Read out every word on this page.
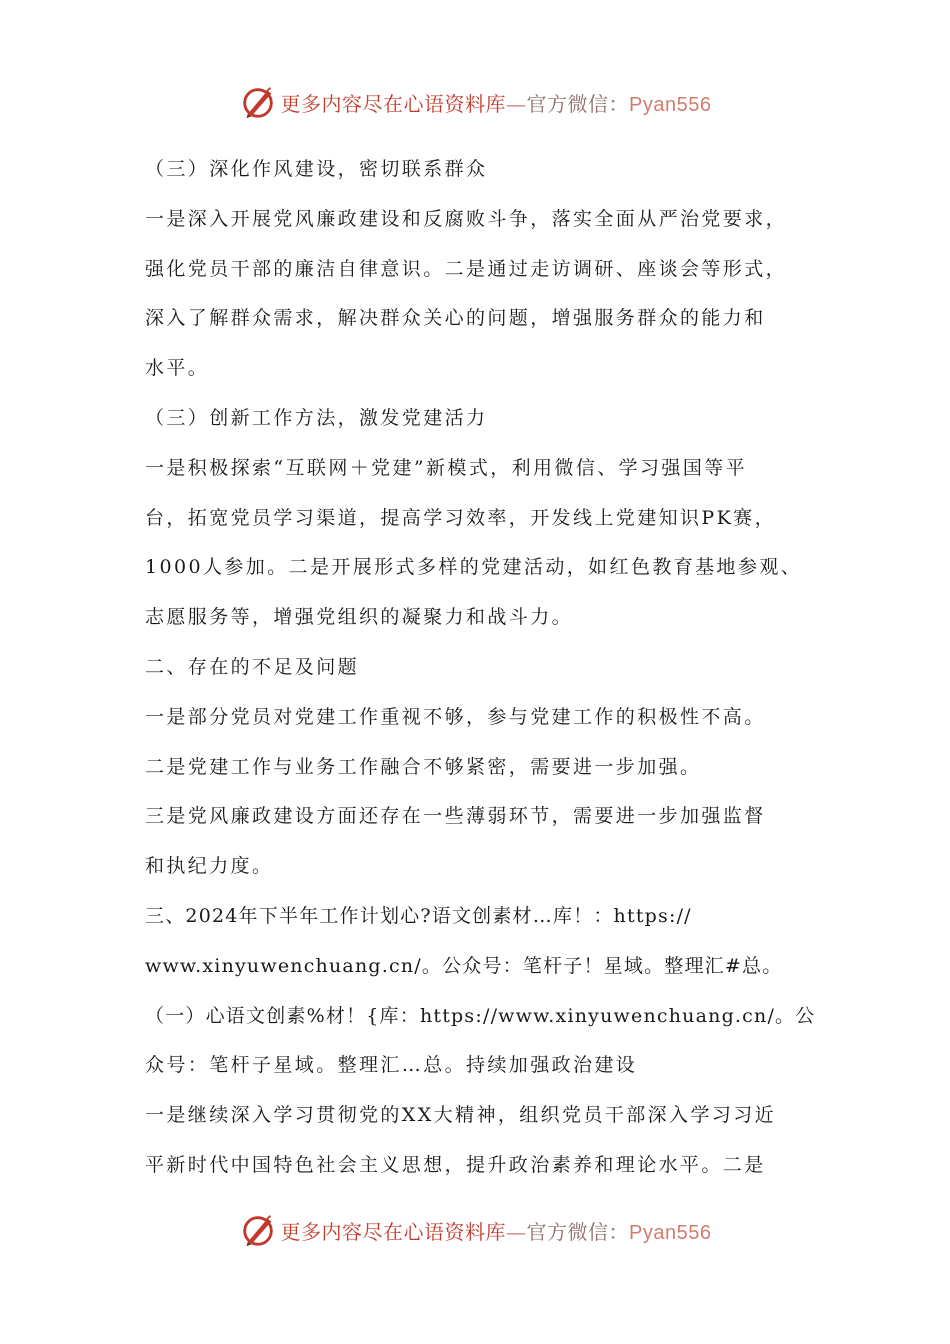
更多内容尽在心语资料库—官方微信：Pyan556
（三）深化作风建设，密切联系群众
一是深入开展党风廉政建设和反腐败斗争，落实全面从严治党要求，
强化党员干部的廉洁自律意识。二是通过走访调研、座谈会等形式，
深入了解群众需求，解决群众关心的问题，增强服务群众的能力和
水平。
（三）创新工作方法，激发党建活力
一是积极探索“互联网＋党建”新模式，利用微信、学习强国等平
台，拓宽党员学习渠道，提高学习效率，开发线上党建知识PK赛，
1000人参加。二是开展形式多样的党建活动，如红色教育基地参观、
志愿服务等，增强党组织的凝聚力和战斗力。
二、存在的不足及问题
一是部分党员对党建工作重视不够，参与党建工作的积极性不高。
二是党建工作与业务工作融合不够紧密，需要进一步加强。
三是党风廉政建设方面还存在一些薄弱环节，需要进一步加强监督
和执纪力度。
三、2024年下半年工作计划心?语文创素材…库！：https://
www.xinyuwenchuang.cn/。公众号：笔杆子！星域。整理汇#总。
（一）心语文创素%材！{库：https://www.xinyuwenchuang.cn/。公
众号：笔杆子星域。整理汇…总。持续加强政治建设
一是继续深入学习贯彻党的XX大精神，组织党员干部深入学习习近
平新时代中国特色社会主义思想，提升政治素养和理论水平。二是
更多内容尽在心语资料库—官方微信：Pyan556
